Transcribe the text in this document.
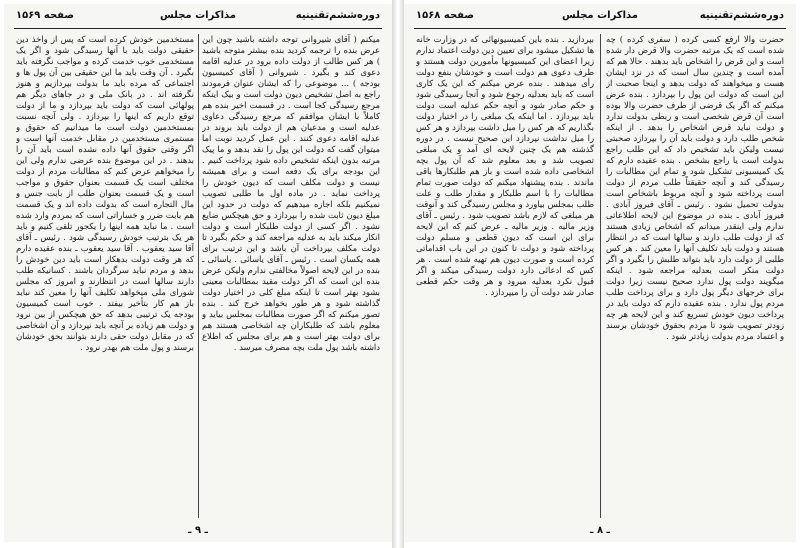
دوره‌ششم‌تقنینیه
مذاکرات مجلس
صفحه ۱۵۶۹
میکنم ( آقای شیروانی توجه داشته باشید چون این عرض بنده را ترجمه کردید بنده بیشتر متوجه باشید ) هر کس طالب از دولت داده برود در عدلیه اقامه دعوی کند و بگیرد . شیروانی ( آقای کمیسیون بودجه ) ... موضوعی را که ایشان عنوان فرمودند راجع به اصل تشخیص دیون دولت است و بیک اینکه مرجع رسیدگی کجا است . در قسمت اخیر بنده هم کاملاً با ایشان موافقم که مرجع رسیدگی دعاوی عدلیه است و مدعیان هم از دولت باید بروند در عدلیه اقامه دعوی کنند . این عمل کردید نوبت اما میتوان گفت که دولت این پول را نقد بدهد و ما پیک مرتبه بدون اینکه تشخیص داده شود پرداخت کنیم . این بودجه برای یک دفعه است و برای همیشه نیست و دولت مکلف است که دیون خودش را پرداخت نماید . در ماده اول ما طلبی تصویب نمیکنیم بلکه اجازه میدهیم که دولت در حدود این مبلغ دیون ثابت شده را بپردازد و حق هیچکس ضایع نشود . اگر کسی از دولت طلبکار است و دولت انکار میکند باید به عدلیه مراجعه کند و حکم بگیرد تا دولت مکلف بپرداخت آن باشد و این ترتیب برای همه یکسان است . رئیس ـ آقای یاسائی . یاسائی ـ بنده در این لایحه اصولاً مخالفتی ندارم ولیکن عرض بنده این است که اگر دولت مقید بمطالبات معینی بشود بهتر است تا اینکه مبلغ کلی در اختیار دولت گذاشته شود و هر طور بخواهد خرج کند . بنده تصور میکنم که اگر صورت مطالبات بمجلس بیاید و معلوم باشد که طلبکاران چه اشخاصی هستند هم برای دولت بهتر است و هم برای مجلس که اطلاع داشته باشد پول ملت بچه مصرف میرسد .
مستخدمین خودش کرده است که پس از واخذ دین حقیقی دولت باید با آنها رسیدگی شود و اگر یک مستخدمی خوب خدمت کرده و مواجب نگرفته باید بگیرد . آن وقت باید ما این حقیقی بین آن پول ها و اجتماعی که مرده باید ما بدولت بپردازیم و هنوز نگرفته اند . در بانک ملی و در جاهای دیگر هم پولهائی است که دولت باید بپردازد و ما از دولت توقع داریم که اینها را بپردازد . ولی آنچه نسبت بمستخدمین دولت است ما میدانیم که حقوق و مستمری مستخدمین در مقابل خدمت آنها است و اگر وقتی حقوق آنها داده نشده است باید آن را بدهند . در این موضوع بنده عرضی ندارم ولی این را میخواهم عرض کنم که مطالبات مردم از دولت مختلف است یک قسمت بعنوان حقوق و مواجب است و یک قسمت بعنوان طلب از بابت جنس و مال التجاره است که بدولت داده اند و یک قسمت هم بابت ضرر و خساراتی است که بمردم وارد شده است . ما نباید همه اینها را یکجور تلقی کنیم و باید هر یک بترتیب خودش رسیدگی شود . رئیس ـ آقای آقا سید یعقوب . آقا سید یعقوب ـ بنده عقیده دارم که هر وقت دولت بدهکار است باید دین خودش را بدهد و مردم نباید سرگردان باشند . کسانیکه طلب دارند سالها است در انتظارند و امروز که مجلس شورای ملی میخواهد تکلیف آنها را معین کند نباید باز هم کار بتأخیر بیفتد . خوب است کمیسیون بودجه یک ترتیبی بدهد که حق هیچکس از بین نرود و دولت هم زیاده بر آنچه باید نپردازد و آن اشخاصی که در مقابل دولت حقی دارند بتوانند بحق خودشان برسند و پول ملت هم بهدر نرود .
ـ ۹ ـ
دوره‌ششم‌تقنینیه
مذاکرات مجلس
صفحه ۱۵۶۸
حضرت والا ارفع کسی کرده ( سفری کرده ) چه شده است که یک مرتبه حضرت والا قرض دار شده است و این قرض را اشخاص باید بدهند . حالا هم که آمده است و چندین سال است که در نزد ایشان هست و میخواهند که دولت بدهد و اینجا صحبت از این است که دولت این پول را بپردازد . بنده عرض میکنم که اگر یک قرضی از طرف حضرت والا بوده است آن قرض شخصی است و ربطی بدولت ندارد و دولت نباید قرض اشخاص را بدهد . از اینکه شخص طلب دارد و دولت باید آن را بپردازد صحبتی نیست ولیکن باید تشخیص داد که این طلب راجع بدولت است یا راجع بشخص . بنده عقیده دارم که یک کمیسیونی تشکیل شود و تمام این مطالبات را رسیدگی کند و آنچه حقیقتاً طلب مردم از دولت است پرداخته شود و آنچه مربوط باشخاص است بدولت تحمیل نشود . رئیس ـ آقای فیروز آبادی . فیروز آبادی ـ بنده در موضوع این لایحه اطلاعاتی ندارم ولی اینقدر میدانم که اشخاص زیادی هستند که از دولت طلب دارند و سالها است که در انتظار هستند و دولت باید تکلیف آنها را معین کند . هر کس طلبی از دولت دارد باید بتواند طلبش را بگیرد و اگر دولت منکر است بعدلیه مراجعه شود . اینکه میگویند دولت پول ندارد صحیح نیست زیرا دولت برای خرجهای دیگر پول دارد و برای پرداخت طلب مردم پول ندارد . بنده عقیده دارم که دولت باید در پرداخت دیون خودش تسریع کند و این لایحه هر چه زودتر تصویب شود تا مردم بحقوق خودشان برسند و اعتماد مردم بدولت زیادتر شود .
بپردازید . بنده باین کمیسیونهائی که در وزارت خانه ها تشکیل میشود برای تعیین دین دولت اعتماد ندارم زیرا اعضای این کمیسیونها مأمورین دولت هستند و طرف دعوی هم دولت است و خودشان بنفع دولت رأی میدهند . بنده عرض میکنم که این یک کاری است که باید بعدلیه رجوع شود و آنجا رسیدگی شود و حکم صادر شود و آنچه حکم عدلیه است دولت باید بپردازد . اما اینکه یک مبلغی را در اختیار دولت بگذاریم که هر کس را میل داشت بپردازد و هر کس را میل نداشت نپردازد این صحیح نیست . در دوره گذشته هم یک چنین لایحه ای آمد و یک مبلغی تصویب شد و بعد معلوم شد که آن پول بچه اشخاصی داده شده است و باز هم طلبکارها باقی ماندند . بنده پیشنهاد میکنم که دولت صورت تمام مطالبات را با اسم طلبکار و مقدار طلب و علت طلب بمجلس بیاورد و مجلس رسیدگی کند و آنوقت هر مبلغی که لازم باشد تصویب شود . رئیس ـ آقای وزیر مالیه . وزیر مالیه ـ عرض کنم که این لایحه برای این است که دیون قطعی و مسلم دولت پرداخته شود و دولت تا کنون در این باب اقداماتی کرده است و صورت دیون هم تهیه شده است . هر کس که ادعائی دارد دولت رسیدگی میکند و اگر قبول نکرد بعدلیه میرود و هر وقت حکم قطعی صادر شد دولت آن را میپردازد .
ـ ۸ ـ
